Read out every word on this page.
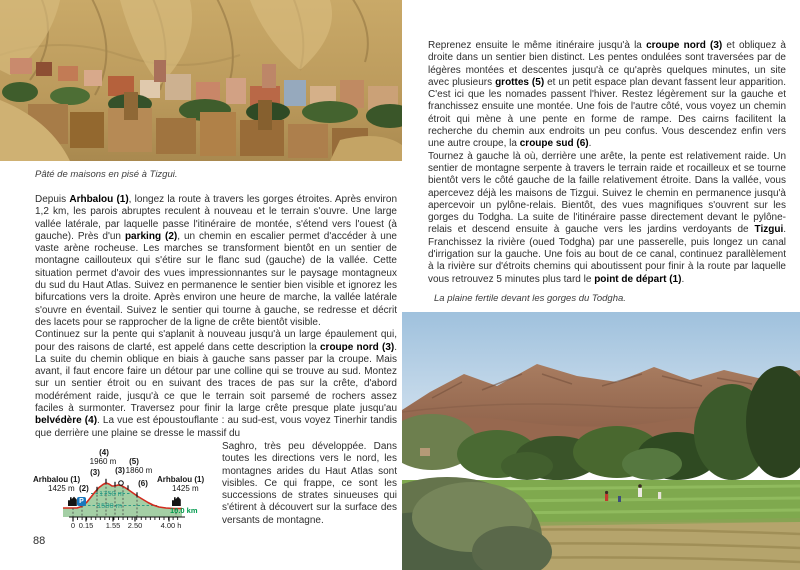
Pâté de maisons en pisé à Tizgui.

Depuis Arhbalou (1), longez la route à travers les gorges étroites. Après environ 1,2 km, les parois abruptes reculent à nouveau et le terrain s'ouvre. Une large vallée latérale, par laquelle passe l'itinéraire de montée, s'étend vers l'ouest (à gauche). Près d'un parking (2), un chemin en escalier permet d'accéder à une vaste arène rocheuse. Les marches se transforment bientôt en un sentier de montagne caillouteux qui s'étire sur le flanc sud (gauche) de la vallée. Cette situation permet d'avoir des vues impressionnantes sur le paysage montagneux du sud du Haut Atlas. Suivez en permanence le sentier bien visible et ignorez les bifurcations vers la droite. Après environ une heure de marche, la vallée latérale s'ouvre en éventail. Suivez le sentier qui tourne à gauche, se redresse et décrit des lacets pour se rapprocher de la ligne de crête bientôt visible.

Continuez sur la pente qui s'aplanit à nouveau jusqu'à un large épaulement qui, pour des raisons de clarté, est appelé dans cette description la croupe nord (3). La suite du chemin oblique en biais à gauche sans passer par la croupe. Mais avant, il faut encore faire un détour par une colline qui se trouve au sud. Montez sur un sentier étroit ou en suivant des traces de pas sur la crête, d'abord modérément raide, jusqu'à ce que le terrain soit parsemé de rochers assez faciles à surmonter. Traversez pour finir la large crête presque plate jusqu'au belvédère (4). La vue est époustouflante : au sud-est, vous voyez Tinerhir tandis que derrière une plaine se dresse le massif du

Arhbalou (1)
1425 m (2)
(3)
(4)
1960 m
(3)
(5)
1860 m
(6) Arhbalou (1)
1425 m
1750 m
1500 m
10.0 km
0 0.15 1.55 2.50 4.00 h
P
Saghro, très peu développée. Dans toutes les directions vers le nord, les montagnes arides du Haut Atlas sont visibles. Ce qui frappe, ce sont les successions de strates sinueuses qui s'étirent à découvert sur la surface des versants de montagne.
88

Reprenez ensuite le même itinéraire jusqu'à la croupe nord (3) et obliquez à droite dans un sentier bien distinct. Les pentes ondulées sont traversées par de légères montées et descentes jusqu'à ce qu'après quelques minutes, un site avec plusieurs grottes (5) et un petit espace plan devant fassent leur apparition. C'est ici que les nomades passent l'hiver. Restez légèrement sur la gauche et franchissez ensuite une montée. Une fois de l'autre côté, vous voyez un chemin étroit qui mène à une pente en forme de rampe. Des cairns facilitent la recherche du chemin aux endroits un peu confus. Vous descendez enfin vers une autre croupe, la croupe sud (6).

Tournez à gauche là où, derrière une arête, la pente est relativement raide. Un sentier de montagne serpente à travers le terrain raide et rocailleux et se tourne bientôt vers le côté gauche de la faille relativement étroite. Dans la vallée, vous apercevez déjà les maisons de Tizgui. Suivez le chemin en permanence jusqu'à apercevoir un pylône-relais. Bientôt, des vues magnifiques s'ouvrent sur les gorges du Todgha. La suite de l'itinéraire passe directement devant le pylône-relais et descend ensuite à gauche vers les jardins verdoyants de Tizgui. Franchissez la rivière (oued Todgha) par une passerelle, puis longez un canal d'irrigation sur la gauche. Une fois au bout de ce canal, continuez parallèlement à la rivière sur d'étroits chemins qui aboutissent pour finir à la route par laquelle vous retrouvez 5 minutes plus tard le point de départ (1).

La plaine fertile devant les gorges du Todgha.
